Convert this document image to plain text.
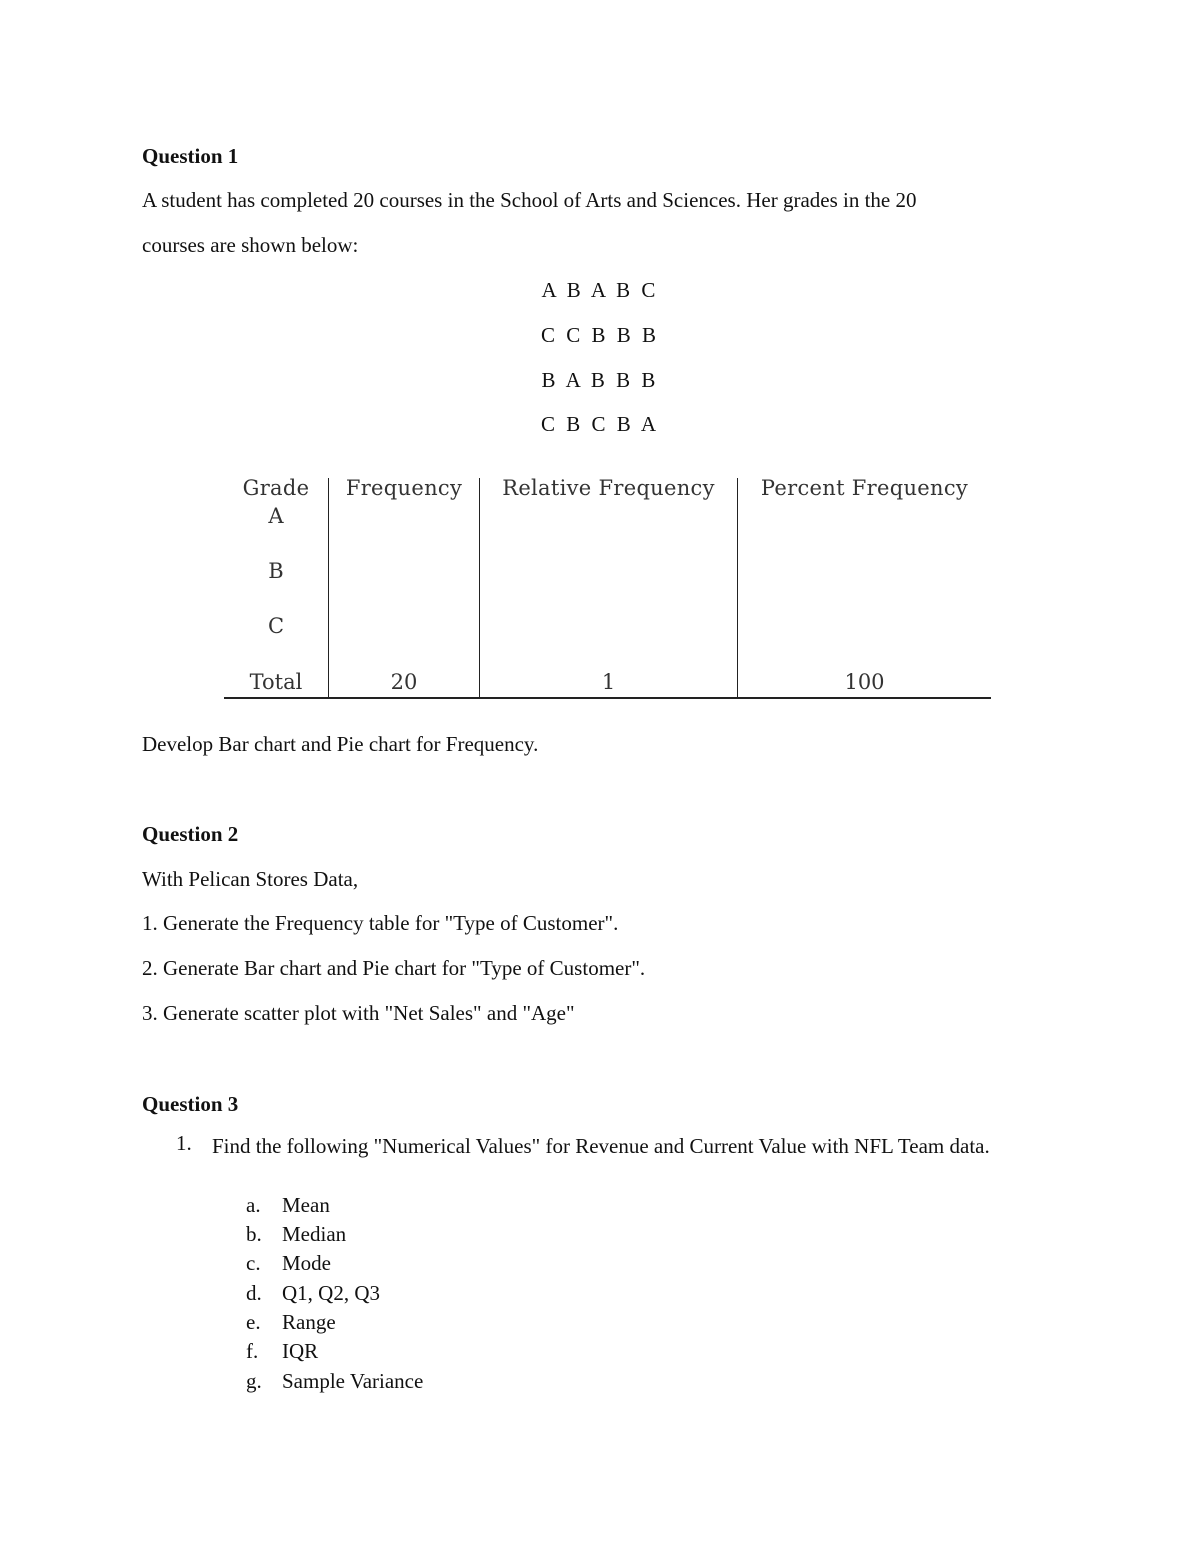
Question 1

A student has completed 20 courses in the School of Arts and Sciences. Her grades in the 20

courses are shown below:

A B A B C

C C B B B

B A B B B

C B C B A

Grade	Frequency	Relative Frequency	Percent Frequency
A
B
C
Total	20	1	100

Develop Bar chart and Pie chart for Frequency.

Question 2

With Pelican Stores Data,

1. Generate the Frequency table for "Type of Customer".

2. Generate Bar chart and Pie chart for "Type of Customer".

3. Generate scatter plot with "Net Sales" and "Age"

Question 3
1. Find the following "Numerical Values" for Revenue and Current Value with NFL Team data.
a. Mean
b. Median
c. Mode
d. Q1, Q2, Q3
e. Range
f. IQR
g. Sample Variance
